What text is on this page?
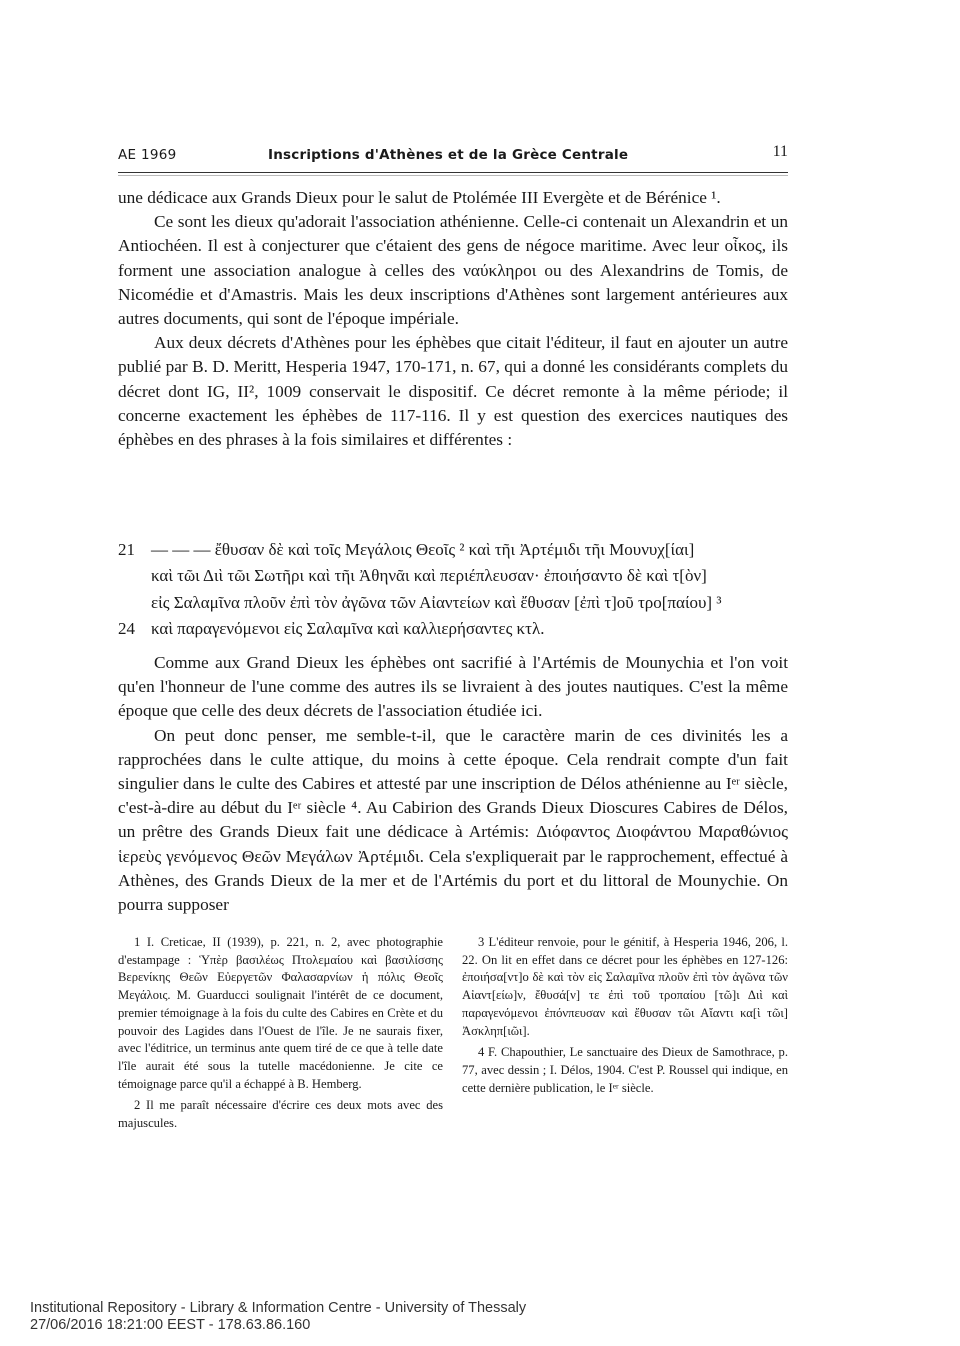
AE 1969	Inscriptions d'Athènes et de la Grèce Centrale	11

une dédicace aux Grands Dieux pour le salut de Ptolémée III Evergète et de Bérénice ¹.

Ce sont les dieux qu'adorait l'association athénienne. Celle-ci contenait un Alexandrin et un Antiochéen. Il est à conjecturer que c'étaient des gens de négoce maritime. Avec leur οἶκος, ils forment une association analogue à celles des ναύκληροι ou des Alexandrins de Tomis, de Nicomédie et d'Amastris. Mais les deux inscriptions d'Athènes sont largement antérieures aux autres documents, qui sont de l'époque impériale.

Aux deux décrets d'Athènes pour les éphèbes que citait l'éditeur, il faut en ajouter un autre publié par B. D. Meritt, Hesperia 1947, 170-171, n. 67, qui a donné les considérants complets du décret dont IG, II², 1009 conservait le dispositif. Ce décret remonte à la même période; il concerne exactement les éphèbes de 117-116. Il y est question des exercices nautiques des éphèbes en des phrases à la fois similaires et différentes :

21 — — — ἔθυσαν δὲ καὶ τοῖς Μεγάλοις Θεοῖς ² καὶ τῆι Ἀρτέμιδι τῆι Μουνυχ[ίαι]
καὶ τῶι Διὶ τῶι Σωτῆρι καὶ τῆι Ἀθηνᾶι καὶ περιέπλευσαν· ἐποιήσαντο δὲ καὶ τ[ὸν]
εἰς Σαλαμῖνα πλοῦν ἐπὶ τὸν ἀγῶνα τῶν Αἰαντείων καὶ ἔθυσαν [ἐπὶ τ]οῦ τρο[παίου] ³
24 καὶ παραγενόμενοι εἰς Σαλαμῖνα καὶ καλλιερήσαντες κτλ.

Comme aux Grand Dieux les éphèbes ont sacrifié à l'Artémis de Mounychia et l'on voit qu'en l'honneur de l'une comme des autres ils se livraient à des joutes nautiques. C'est la même époque que celle des deux décrets de l'association étudiée ici.

On peut donc penser, me semble-t-il, que le caractère marin de ces divinités les a rapprochées dans le culte attique, du moins à cette époque. Cela rendrait compte d'un fait singulier dans le culte des Cabires et attesté par une inscription de Délos athénienne au Iᵉʳ siècle, c'est-à-dire au début du Iᵉʳ siècle ⁴. Au Cabirion des Grands Dieux Dioscures Cabires de Délos, un prêtre des Grands Dieux fait une dédicace à Artémis: Διόφαντος Διοφάντου Μαραθώνιος ἱερεὺς γενόμενος Θεῶν Μεγάλων Ἀρτέμιδι. Cela s'expliquerait par le rapprochement, effectué à Athènes, des Grands Dieux de la mer et de l'Artémis du port et du littoral de Mounychie. On pourra supposer

1 I. Creticae, II (1939), p. 221, n. 2, avec photographie d'estampage : Ὑπὲρ βασιλέως Πτολεμαίου καὶ βασιλίσσης Βερενίκης Θεῶν Εὐεργετῶν Φαλασαρνίων ἡ πόλις Θεοῖς Μεγάλοις. M. Guarducci soulignait l'intérêt de ce document, premier témoignage à la fois du culte des Cabires en Crète et du pouvoir des Lagides dans l'Ouest de l'île. Je ne saurais fixer, avec l'éditrice, un terminus ante quem tiré de ce que à telle date l'île aurait été sous la tutelle macédonienne. Je cite ce témoignage parce qu'il a échappé à B. Hemberg.

2 Il me paraît nécessaire d'écrire ces deux mots avec des majuscules.

3 L'éditeur renvoie, pour le génitif, à Hesperia 1946, 206, l. 22. On lit en effet dans ce décret pour les éphèbes en 127-126: ἐποιήσα[ντ]ο δὲ καὶ τὸν εἰς Σαλαμῖνα πλοῦν ἐπὶ τὸν ἀγῶνα τῶν Αἰαντ[είω]ν, ἔθυσά[ν] τε ἐπὶ τοῦ τροπαίου [τῶ]ι Διὶ καὶ παραγενόμενοι ἐπόνπευσαν καὶ ἔθυσαν τῶι Αἴαντι κα[ὶ τῶι] Ἀσκληπ[ιῶι].

4 F. Chapouthier, Le sanctuaire des Dieux de Samothrace, p. 77, avec dessin ; I. Délos, 1904. C'est P. Roussel qui indique, en cette dernière publication, le Iᵉʳ siècle.

Institutional Repository - Library & Information Centre - University of Thessaly
27/06/2016 18:21:00 EEST - 178.63.86.160
